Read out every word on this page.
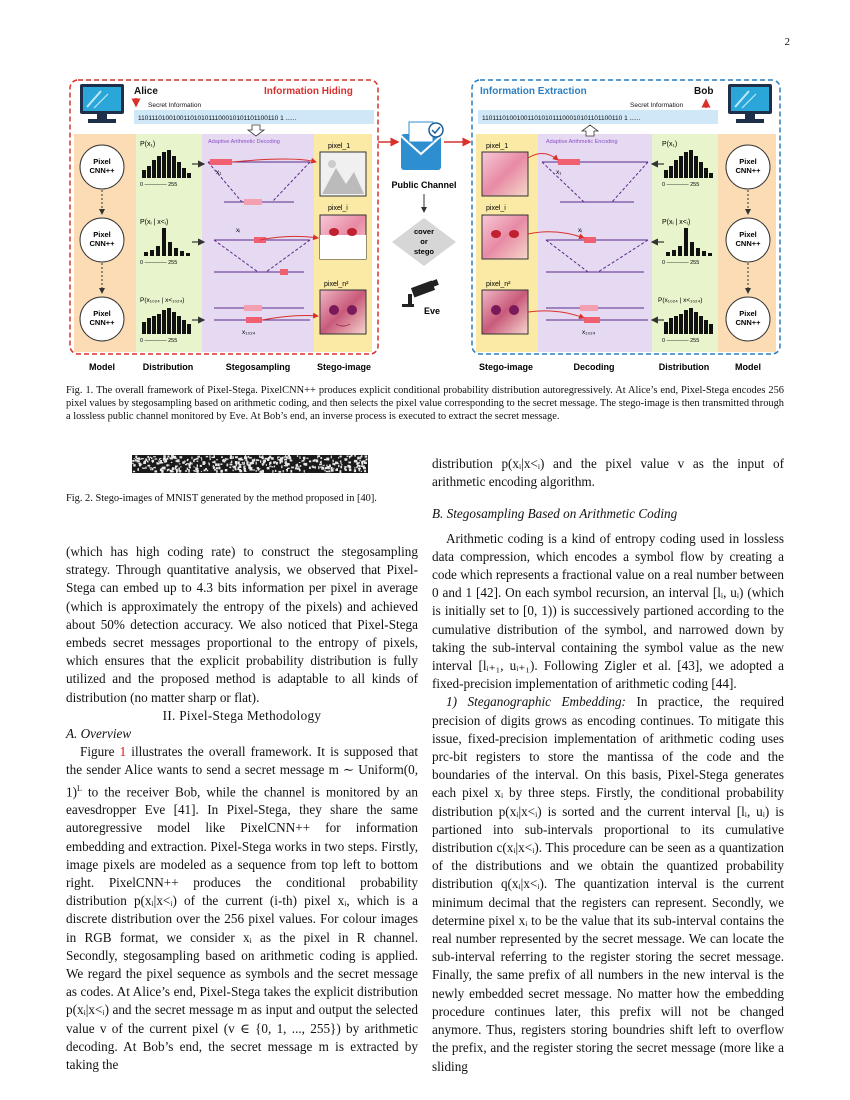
2
Alice	Information Hiding
Secret Information
1101110100100110101011100010101101100110 1 ......
Pixel
CNN++
Pixel
CNN++
Pixel
CNN++
P(x₁)
0 ———— 255
P(xᵢ | x<ᵢ)
0 ———— 255
P(x₁₀₂₄ | x<₁₀₂₄)
0 ———— 255
Adaptive Arithmetic Decoding
x₁
xᵢ
x₁₀₂₄
pixel_1
pixel_i
pixel_n²
Public Channel
cover
or
stego
Eve
Information Extraction	Bob
Secret Information
1101110100100110101011100010101101100110 1 ......
pixel_1
pixel_i
pixel_n²
Adaptive Arithmetic Encoding
x₁
xᵢ
x₁₀₂₄
P(x₁)
0 ———— 255
P(xᵢ | x<ᵢ)
0 ———— 255
P(x₁₀₂₄ | x<₁₀₂₄)
0 ———— 255
Pixel
CNN++
Pixel
CNN++
Pixel
CNN++
Model	Distribution	Stegosampling	Stego-image	Stego-image	Decoding	Distribution	Model
Fig. 1. The overall framework of Pixel-Stega. PixelCNN++ produces explicit conditional probability distribution autoregressively. At Alice’s end, Pixel-Stega encodes 256 pixel values by stegosampling based on arithmetic coding, and then selects the pixel value corresponding to the secret message. The stego-image is then transmitted through a lossless public channel monitored by Eve. At Bob’s end, an inverse process is executed to extract the secret message.
Fig. 2. Stego-images of MNIST generated by the method proposed in [40].

(which has high coding rate) to construct the stegosampling strategy. Through quantitative analysis, we observed that Pixel-Stega can embed up to 4.3 bits information per pixel in average (which is approximately the entropy of the pixels) and achieved about 50% detection accuracy. We also noticed that Pixel-Stega embeds secret messages proportional to the entropy of pixels, which ensures that the explicit probability distribution is fully utilized and the proposed method is adaptable to all kinds of distribution (no matter sharp or flat).

II. Pixel-Stega Methodology

A. Overview

Figure 1 illustrates the overall framework. It is supposed that the sender Alice wants to send a secret message m ∼ Uniform(0, 1)$^L$ to the receiver Bob, while the channel is monitored by an eavesdropper Eve [41]. In Pixel-Stega, they share the same autoregressive model like PixelCNN++ for information embedding and extraction. Pixel-Stega works in two steps. Firstly, image pixels are modeled as a sequence from top left to bottom right. PixelCNN++ produces the conditional probability distribution p(xᵢ|x<ᵢ) of the current (i-th) pixel xᵢ, which is a discrete distribution over the 256 pixel values. For colour images in RGB format, we consider xᵢ as the pixel in R channel. Secondly, stegosampling based on arithmetic coding is applied. We regard the pixel sequence as symbols and the secret message as codes. At Alice’s end, Pixel-Stega takes the explicit distribution p(xᵢ|x<ᵢ) and the secret message m as input and output the selected value v of the current pixel (v ∈ {0, 1, ..., 255}) by arithmetic decoding. At Bob’s end, the secret message m is extracted by taking the

distribution p(xᵢ|x<ᵢ) and the pixel value v as the input of arithmetic encoding algorithm.

B. Stegosampling Based on Arithmetic Coding

Arithmetic coding is a kind of entropy coding used in lossless data compression, which encodes a symbol flow by creating a code which represents a fractional value on a real number between 0 and 1 [42]. On each symbol recursion, an interval [lᵢ, uᵢ) (which is initially set to [0, 1)) is successively partioned according to the cumulative distribution of the symbol, and narrowed down by taking the sub-interval containing the symbol value as the new interval [lᵢ₊₁, uᵢ₊₁). Following Zigler et al. [43], we adopted a fixed-precision implementation of arithmetic coding [44].

1) Steganographic Embedding: In practice, the required precision of digits grows as encoding continues. To mitigate this issue, fixed-precision implementation of arithmetic coding uses prc-bit registers to store the mantissa of the code and the boundaries of the interval. On this basis, Pixel-Stega generates each pixel xᵢ by three steps. Firstly, the conditional probability distribution p(xᵢ|x<ᵢ) is sorted and the current interval [lᵢ, uᵢ) is partioned into sub-intervals proportional to its cumulative distribution c(xᵢ|x<ᵢ). This procedure can be seen as a quantization of the distributions and we obtain the quantized probability distribution q(xᵢ|x<ᵢ). The quantization interval is the current minimum decimal that the registers can represent. Secondly, we determine pixel xᵢ to be the value that its sub-interval contains the real number represented by the secret message. We can locate the sub-interval referring to the register storing the secret message. Finally, the same prefix of all numbers in the new interval is the newly embedded secret message. No matter how the embedding procedure continues later, this prefix will not be changed anymore. Thus, registers storing boundries shift left to overflow the prefix, and the register storing the secret message (more like a sliding
